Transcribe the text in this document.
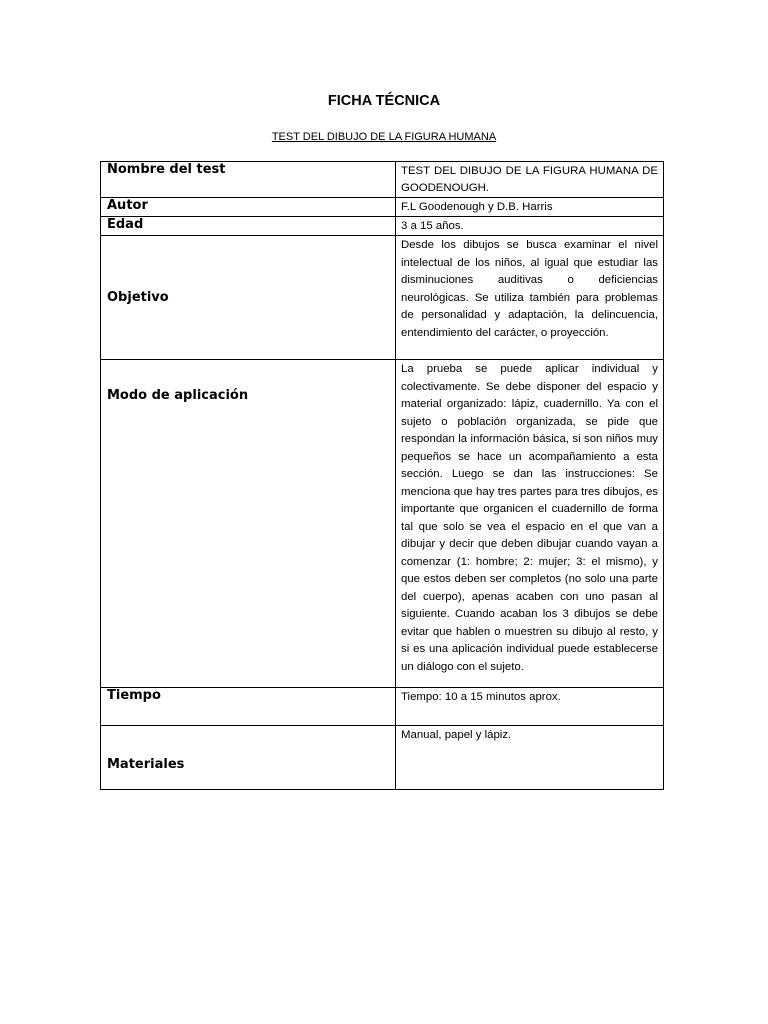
FICHA TÉCNICA
TEST DEL DIBUJO DE LA FIGURA HUMANA
Nombre del test	TEST DEL DIBUJO DE LA FIGURA HUMANA DE GOODENOUGH.
Autor	F.L Goodenough y D.B. Harris
Edad	3 a 15 años.
Objetivo	Desde los dibujos se busca examinar el nivel intelectual de los niños, al igual que estudiar las disminuciones auditivas o deficiencias neurológicas. Se utiliza también para problemas de personalidad y adaptación, la delincuencia, entendimiento del carácter, o proyección.

Modo de aplicación	La prueba se puede aplicar individual y colectivamente. Se debe disponer del espacio y material organizado: lápiz, cuadernillo. Ya con el sujeto o población organizada, se pide que respondan la información básica, si son niños muy pequeños se hace un acompañamiento a esta sección. Luego se dan las instrucciones: Se menciona que hay tres partes para tres dibujos, es importante que organicen el cuadernillo de forma tal que solo se vea el espacio en el que van a dibujar y decir que deben dibujar cuando vayan a comenzar (1: hombre; 2: mujer; 3: el mismo), y que estos deben ser completos (no solo una parte del cuerpo), apenas acaben con uno pasan al siguiente. Cuando acaban los 3 dibujos se debe evitar que hablen o muestren su dibujo al resto, y si es una aplicación individual puede establecerse un diálogo con el sujeto.
Tiempo	Tiempo: 10 a 15 minutos aprox.

Materiales	Manual, papel y lápiz.
